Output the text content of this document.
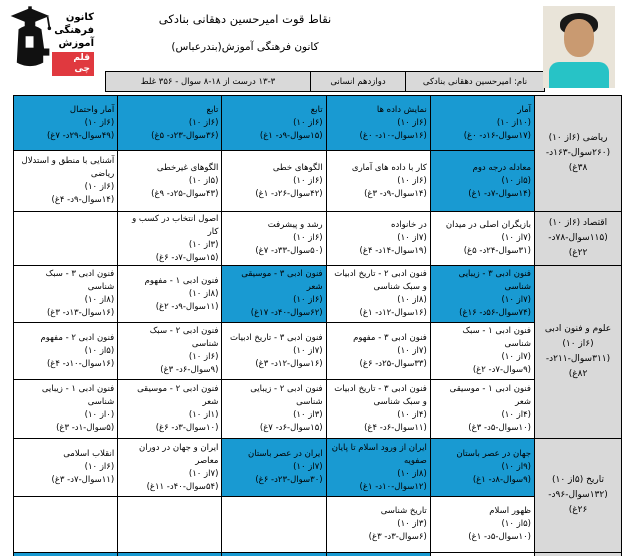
کانون
فرهنگی
آموزش
قلم چی
نقاط قوت امیرحسین دهقانی بنادکی
کانون فرهنگی آموزش(بندرعباس)
نام: امیرحسین دهقانی بنادکی
دوازدهم انسانی
۱۳-۳ درست از ۱۸-۸ سوال - ۳۵۶ غلط
ریاضی (۶از ۱۰)
(۲۶۰سوال-۱۶۳د- ۳۸غ)
اقتصاد (۶از ۱۰)
(۱۱۵سوال-۷۸د- ۲۲غ)
علوم و فنون ادبی (۶از ۱۰)
(۳۱۱سوال-۲۱۱د- ۸۲غ)
تاریخ (۵از ۱۰)
(۱۳۲سوال-۹۶د- ۲۶غ)
آمار
(۱۰از ۱۰)
(۱۷سوال-۱۶د- ۰غ)
نمایش داده ها
(۶از ۱۰)
(۱۶سوال-۱۰د- ۰غ)
تابع
(۶از ۱۰)
(۱۵سوال-۹د- ۱غ)
تابع
(۶از ۱۰)
(۳۶سوال-۲۳د- ۵غ)
آمار واحتمال
(۶از ۱۰)
(۴۹سوال-۲۹د- ۷غ)
معادله درجه دوم
(۵از ۱۰)
(۱۴سوال-۷د- ۱غ)
کار با داده های آماری
(۶از ۱۰)
(۱۴سوال-۹د- ۳غ)
الگوهای خطی
(۶از ۱۰)
(۴۲سوال-۲۶د- ۱غ)
الگوهای غیرخطی
(۵از ۱۰)
(۴۳سوال-۲۵د- ۹غ)
آشنایی با منطق و استدلال ریاضی
(۶از ۱۰)
(۱۴سوال-۹د- ۴غ)
بازیگران اصلی در میدان
(۷از ۱۰)
(۳۱سوال-۲۴د- ۵غ)
در خانواده
(۷از ۱۰)
(۱۹سوال-۱۴د- ۴غ)
رشد و پیشرفت
(۶از ۱۰)
(۵۰سوال-۳۳د- ۷غ)
اصول انتخاب در کسب و کار
(۳از ۱۰)
(۱۵سوال-۷د- ۶غ)
فنون ادبی ۳ - زیبایی شناسی
(۷از ۱۰)
(۷۴سوال-۵۶د- ۱۶غ)
فنون ادبی ۲ - تاریخ ادبیات و سبک شناسی
(۸از ۱۰)
(۱۶سوال-۱۲د- ۱غ)
فنون ادبی ۳ - موسیقی شعر
(۶از ۱۰)
(۶۲سوال-۴۰د- ۱۷غ)
فنون ادبی ۱ - مفهوم
(۸از ۱۰)
(۱۱سوال-۹د- ۲غ)
فنون ادبی ۳ - سبک شناسی
(۸از ۱۰)
(۱۶سوال-۱۳د- ۳غ)
فنون ادبی ۱ - سبک شناسی
(۷از ۱۰)
(۹سوال-۷د- ۲غ)
فنون ادبی ۳ - مفهوم
(۷از ۱۰)
(۳۳سوال-۲۵د- ۶غ)
فنون ادبی ۳ - تاریخ ادبیات
(۷از ۱۰)
(۱۶سوال-۱۲د- ۳غ)
فنون ادبی ۲ - سبک شناسی
(۶از ۱۰)
(۹سوال-۶د- ۳غ)
فنون ادبی ۲ - مفهوم
(۵از ۱۰)
(۱۶سوال-۱۰د- ۴غ)
فنون ادبی ۱ - موسیقی شعر
(۴از ۱۰)
(۱۰سوال-۵د- ۳غ)
فنون ادبی ۳ - تاریخ ادبیات و سبک شناسی
(۴از ۱۰)
(۱۱سوال-۶د- ۴غ)
فنون ادبی ۲ - زیبایی شناسی
(۳از ۱۰)
(۱۵سوال-۶د- ۷غ)
فنون ادبی ۲ - موسیقی شعر
(۱از ۱۰)
(۱۰سوال-۳د- ۶غ)
فنون ادبی ۱ - زیبایی شناسی
(۰از ۱۰)
(۵سوال-۱د- ۳غ)
جهان در عصر باستان
(۹از ۱۰)
(۹سوال-۸د- ۱غ)
ایران از ورود اسلام تا پایان صفویه
(۸از ۱۰)
(۱۲سوال-۱۰د- ۱غ)
ایران در عصر باستان
(۷از ۱۰)
(۳۰سوال-۲۳د- ۶غ)
ایران و جهان در دوران معاصر
(۷از ۱۰)
(۵۴سوال-۴۰د- ۱۱غ)
انقلاب اسلامی
(۶از ۱۰)
(۱۱سوال-۷د- ۳غ)
ظهور اسلام
(۵از ۱۰)
(۱۰سوال-۵د- ۱غ)
تاریخ شناسی
(۳از ۱۰)
(۶سوال-۳د- ۳غ)
